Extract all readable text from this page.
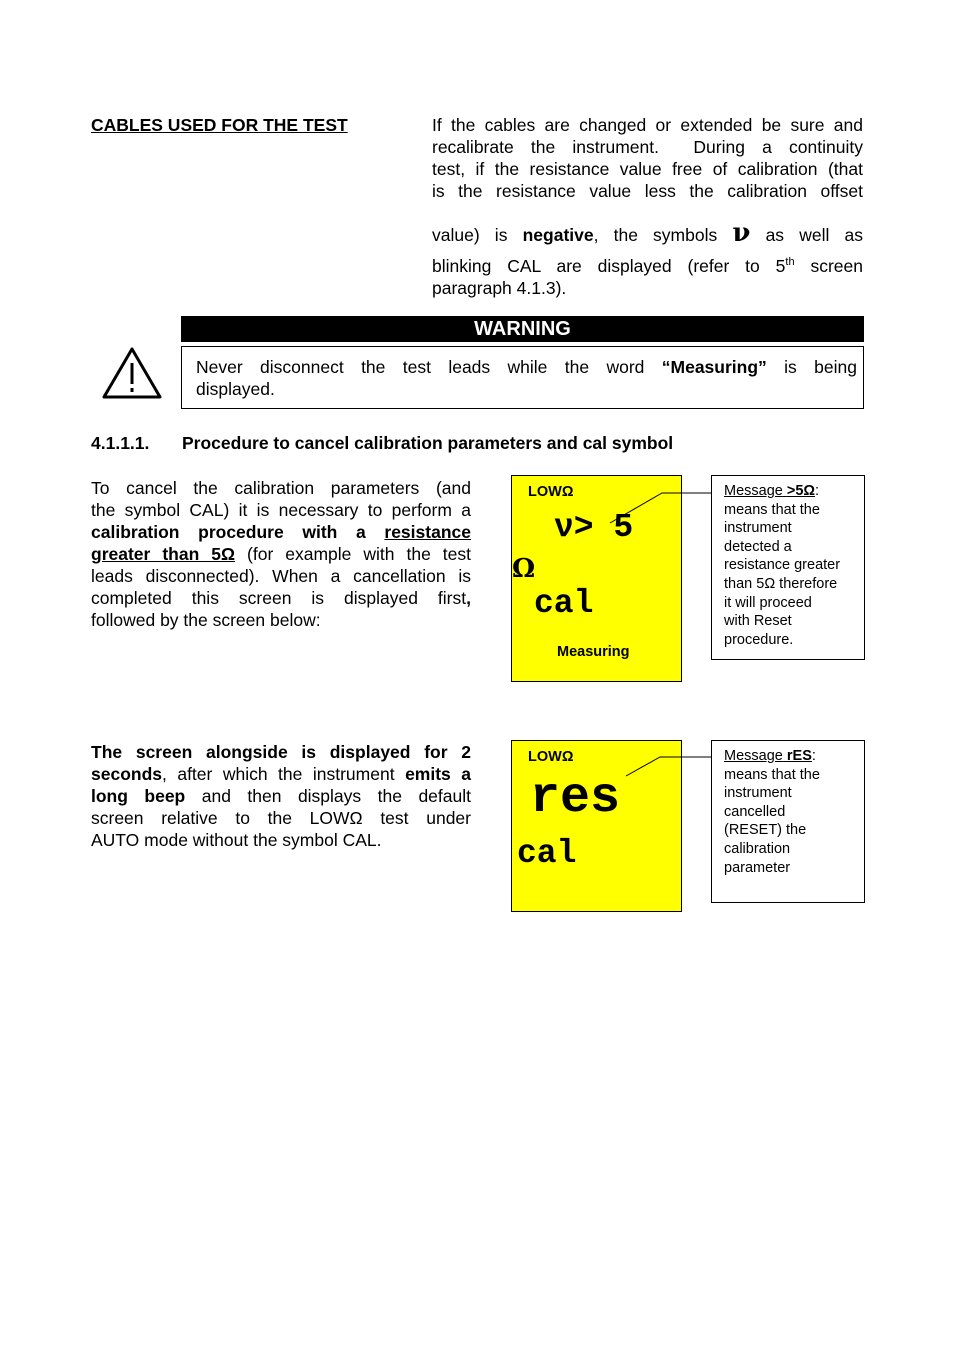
CABLES USED FOR THE TEST	If the cables are changed or extended be sure and
recalibrate the instrument. During a continuity
test, if the resistance value free of calibration (that
is the resistance value less the calibration offset
value) is negative, the symbols ν as well as
blinking CAL are displayed (refer to 5th screen
paragraph 4.1.3).
WARNING
Never disconnect the test leads while the word “Measuring” is being
displayed.
4.1.1.1. Procedure to cancel calibration parameters and cal symbol
To cancel the calibration parameters (and
the symbol CAL) it is necessary to perform a
calibration procedure with a resistance
greater than 5Ω (for example with the test
leads disconnected). When a cancellation is
completed this screen is displayed first,
followed by the screen below:
LOWΩ
ν> 5
Ω
cal
Measuring
Message >5Ω:
means that the
instrument
detected a
resistance greater
than 5Ω therefore
it will proceed
with Reset
procedure.
The screen alongside is displayed for 2
seconds, after which the instrument emits a
long beep and then displays the default
screen relative to the LOWΩ test under
AUTO mode without the symbol CAL.
LOWΩ
res
cal
Message rES:
means that the
instrument
cancelled
(RESET) the
calibration
parameter
